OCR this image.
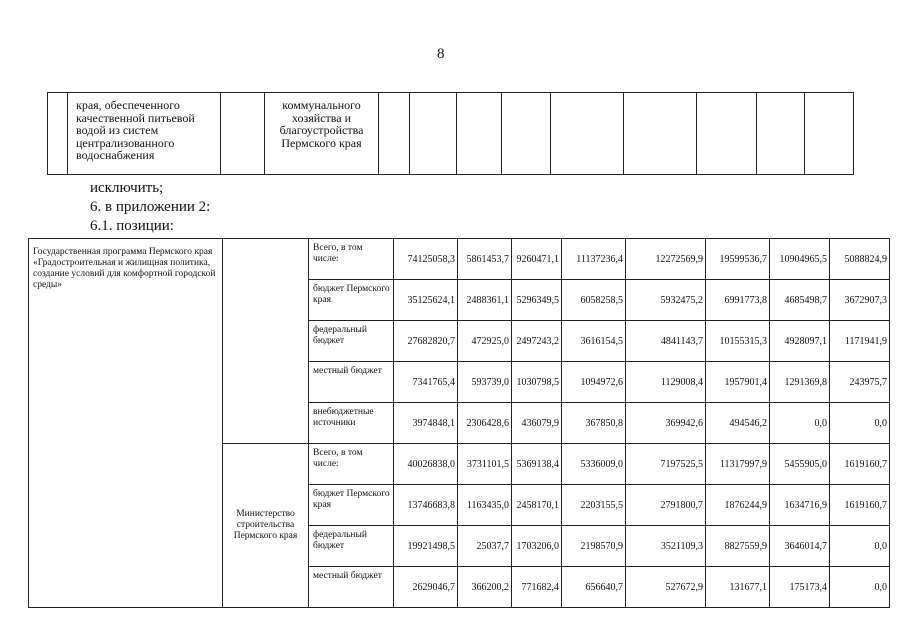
8
	края, обеспеченного качественной питьевой водой из систем централизованного водоснабжения		коммунального хозяйства и благоустройства Пермского края									
исключить;
6. в приложении 2:
6.1. позиции:
Государственная программа Пермского края «Градостроительная и жилищная политика, создание условий для комфортной городской среды»		Всего, в том числе:	74125058,3	5861453,7	9260471,1	11137236,4	12272569,9	19599536,7	10904965,5	5088824,9
		бюджет Пермского края	35125624,1	2488361,1	5296349,5	6058258,5	5932475,2	6991773,8	4685498,7	3672907,3
		федеральный бюджет	27682820,7	472925,0	2497243,2	3616154,5	4841143,7	10155315,3	4928097,1	1171941,9
		местный бюджет	7341765,4	593739,0	1030798,5	1094972,6	1129008,4	1957901,4	1291369,8	243975,7
		внебюджетные источники	3974848,1	2306428,6	436079,9	367850,8	369942,6	494546,2	0,0	0,0
	Министерство строительства Пермского края	Всего, в том числе:	40026838,0	3731101,5	5369138,4	5336009,0	7197525,5	11317997,9	5455905,0	1619160,7
		бюджет Пермского края	13746683,8	1163435,0	2458170,1	2203155,5	2791800,7	1876244,9	1634716,9	1619160,7
		федеральный бюджет	19921498,5	25037,7	1703206,0	2198570,9	3521109,3	8827559,9	3646014,7	0,0
		местный бюджет	2629046,7	366200,2	771682,4	656640,7	527672,9	131677,1	175173,4	0,0
